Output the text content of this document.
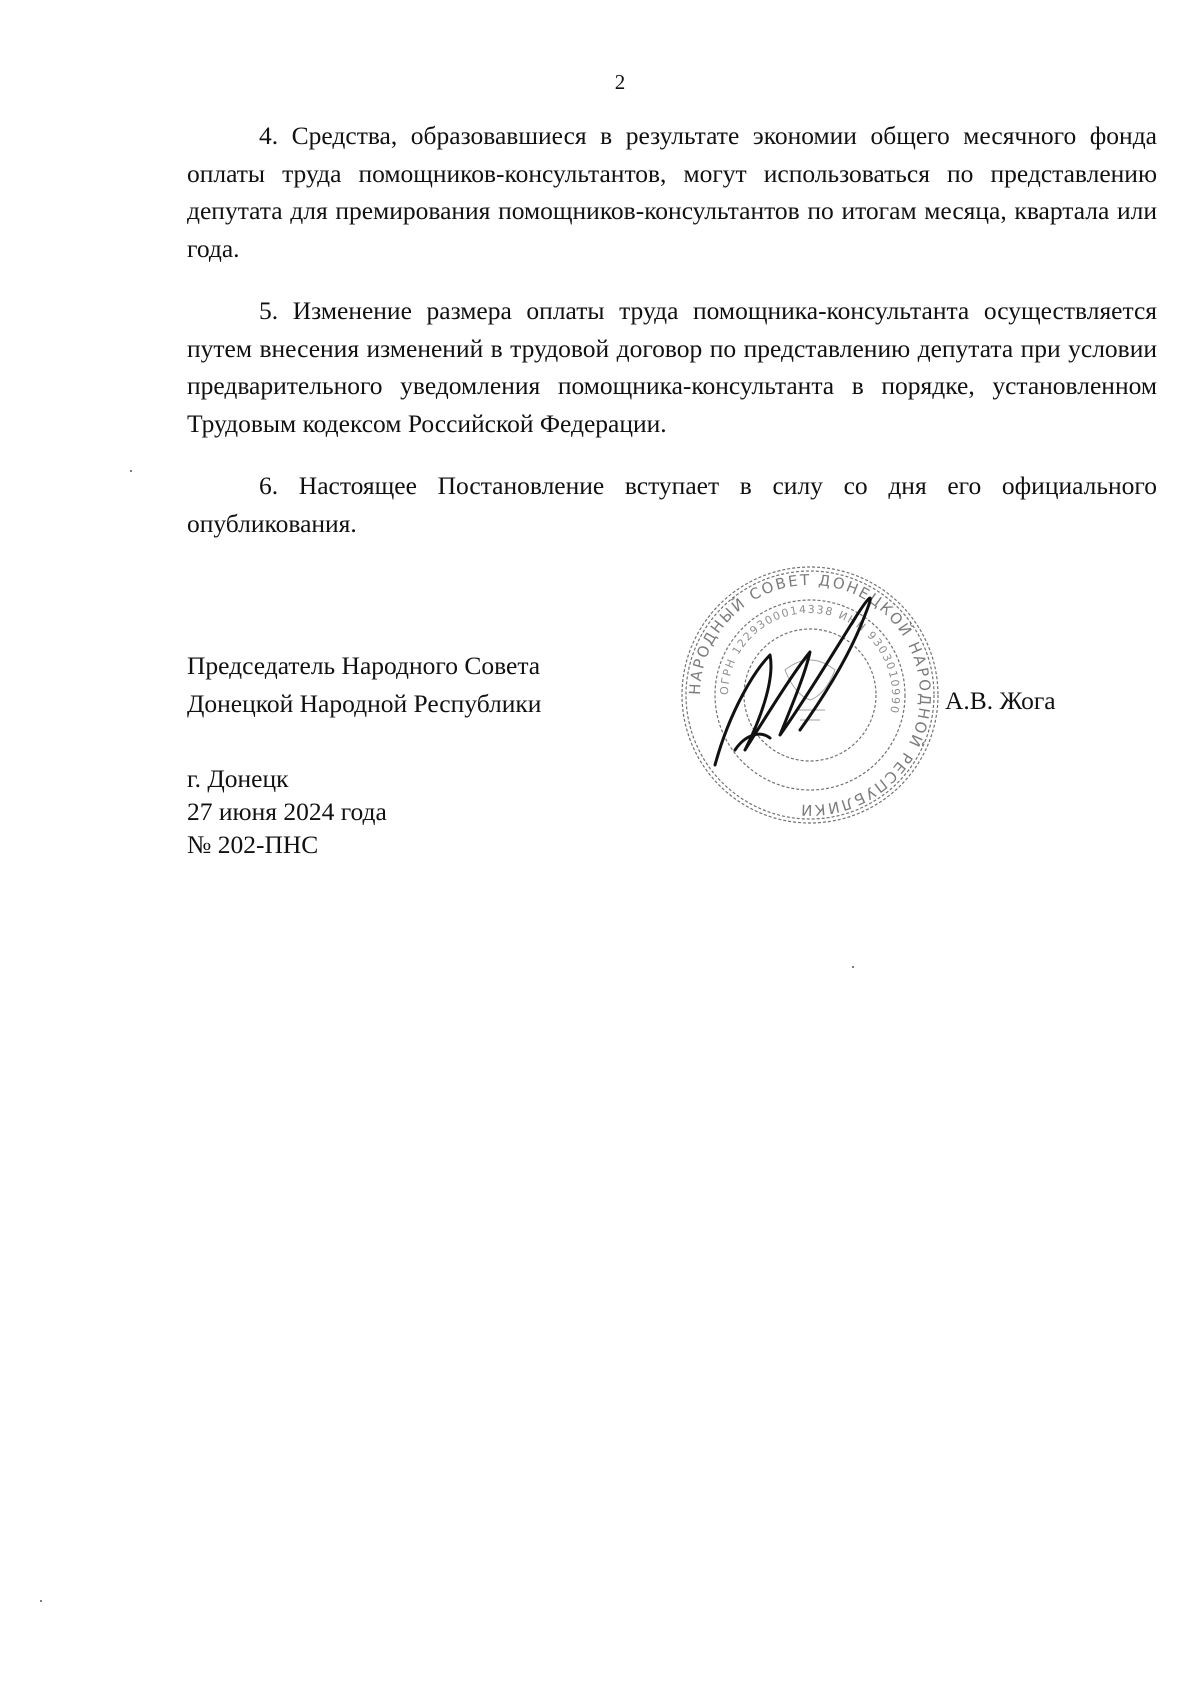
2

4. Средства, образовавшиеся в результате экономии общего месячного фонда оплаты труда помощников-консультантов, могут использоваться по представлению депутата для премирования помощников-консультантов по итогам месяца, квартала или года.

5. Изменение размера оплаты труда помощника-консультанта осуществляется путем внесения изменений в трудовой договор по представлению депутата при условии предварительного уведомления помощника-консультанта в порядке, установленном Трудовым кодексом Российской Федерации.

6. Настоящее Постановление вступает в силу со дня его официального опубликования.

Председатель Народного Совета
Донецкой Народной Республики
НАРОДНЫЙ СОВЕТ ДОНЕЦКОЙ НАРОДНОЙ РЕСПУБЛИКИ
ОГРН 1229300014338 ИНН 9303010990 А.В. Жога
г. Донецк
27 июня 2024 года
№ 202-ПНС
